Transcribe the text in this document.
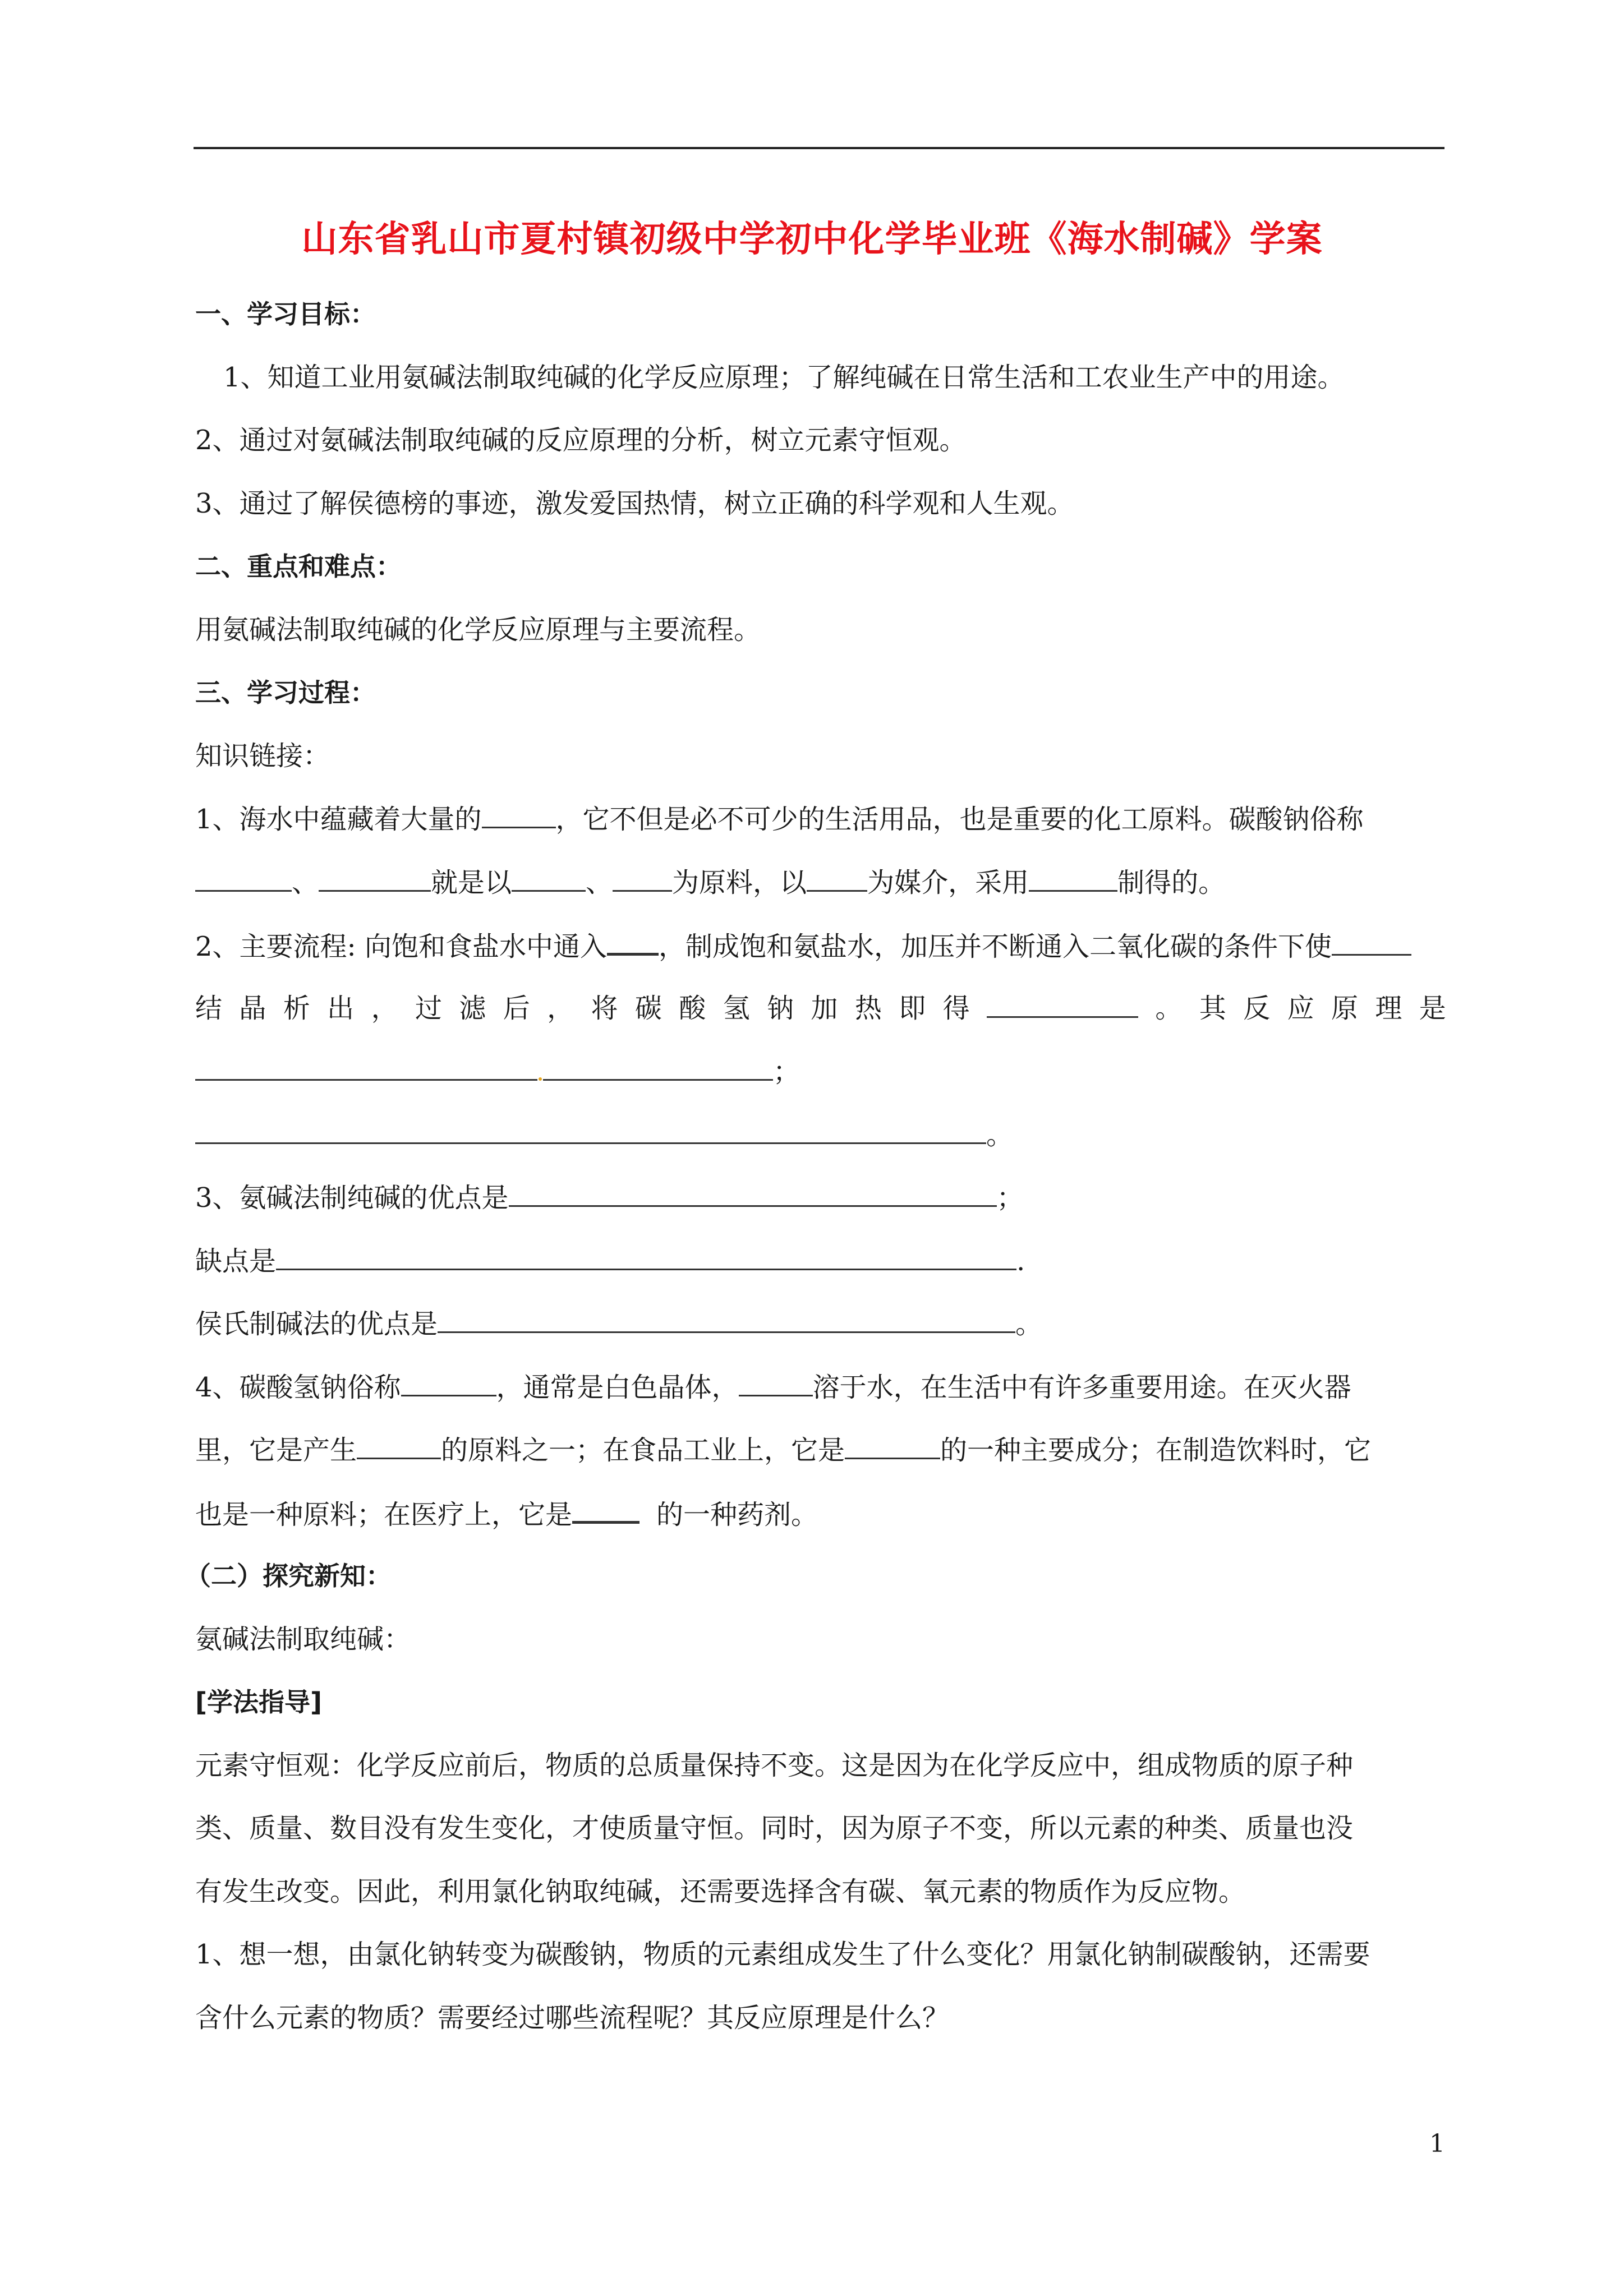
山东省乳山市夏村镇初级中学初中化学毕业班《海水制碱》学案
一、学习目标：
1、知道工业用氨碱法制取纯碱的化学反应原理；了解纯碱在日常生活和工农业生产中的用途。
2、通过对氨碱法制取纯碱的反应原理的分析，树立元素守恒观。
3、通过了解侯德榜的事迹，激发爱国热情，树立正确的科学观和人生观。
二、重点和难点：
用氨碱法制取纯碱的化学反应原理与主要流程。
三、学习过程：
知识链接：
1、海水中蕴藏着大量的	，它不但是必不可少的生活用品，也是重要的化工原料。碳酸钠俗称
、	就是以	、 为原料，以 为媒介，采用	制得的。
2、主要流程: 向饱和食盐水中通入 ，制成饱和氨盐水，加压并不断通入二氧化碳的条件下使
结 晶 析 出 ， 过 滤 后 ， 将 碳 酸 氢 钠 加 热 即 得	。 其 反 应 原 理 是
；
。
3、氨碱法制纯碱的优点是	；
缺点是	.
侯氏制碱法的优点是	。
4、碳酸氢钠俗称	，通常是白色晶体，	溶于水，在生活中有许多重要用途。在灭火器
里，它是产生	的原料之一；在食品工业上，它是	的一种主要成分；在制造饮料时，它
也是一种原料；在医疗上，它是	的一种药剂。
（二）探究新知：
氨碱法制取纯碱：
[学法指导]
元素守恒观：化学反应前后，物质的总质量保持不变。这是因为在化学反应中，组成物质的原子种
类、质量、数目没有发生变化，才使质量守恒。同时，因为原子不变，所以元素的种类、质量也没
有发生改变。因此，利用氯化钠取纯碱，还需要选择含有碳、氧元素的物质作为反应物。
1、想一想，由氯化钠转变为碳酸钠，物质的元素组成发生了什么变化？用氯化钠制碳酸钠，还需要
含什么元素的物质？需要经过哪些流程呢？其反应原理是什么？
1
